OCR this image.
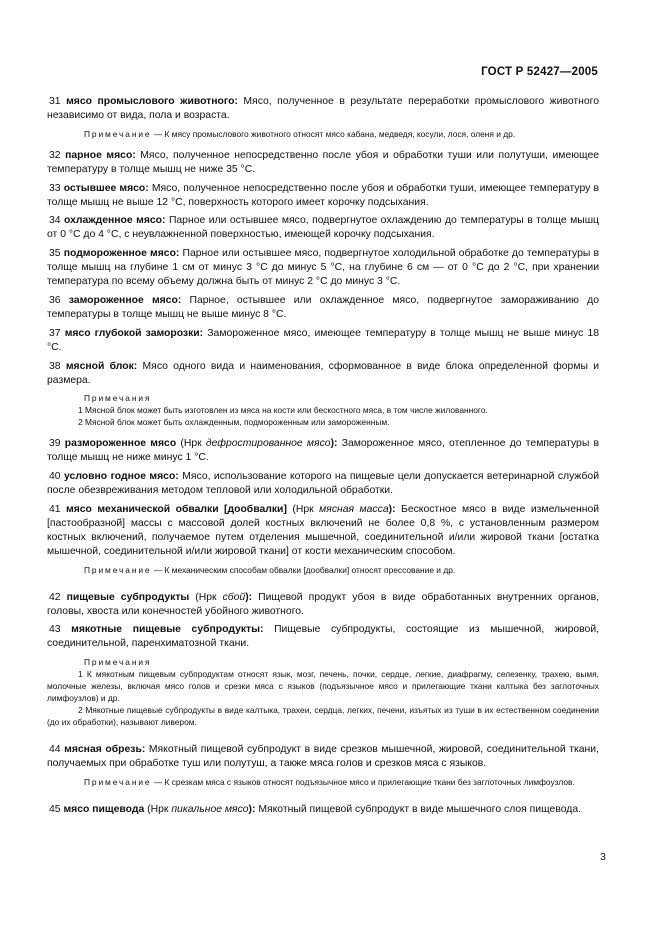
ГОСТ Р 52427—2005

31 мясо промыслового животного: Мясо, полученное в результате переработки промыслового животного независимо от вида, пола и возраста.

Примечание — К мясу промыслового животного относят мясо кабана, медведя, косули, лося, оленя и др.

32 парное мясо: Мясо, полученное непосредственно после убоя и обработки туши или полутуши, имеющее температуру в толще мышц не ниже 35 °С.

33 остывшее мясо: Мясо, полученное непосредственно после убоя и обработки туши, имеющее температуру в толще мышц не выше 12 °С, поверхность которого имеет корочку подсыхания.

34 охлажденное мясо: Парное или остывшее мясо, подвергнутое охлаждению до температуры в толще мышц от 0 °С до 4 °С, с неувлажненной поверхностью, имеющей корочку подсыхания.

35 подмороженное мясо: Парное или остывшее мясо, подвергнутое холодильной обработке до температуры в толще мышц на глубине 1 см от минус 3 °С до минус 5 °С, на глубине 6 см — от 0 °С до 2 °С, при хранении температура по всему объему должна быть от минус 2 °С до минус 3 °С.

36 замороженное мясо: Парное, остывшее или охлажденное мясо, подвергнутое замораживанию до температуры в толще мышц не выше минус 8 °С.

37 мясо глубокой заморозки: Замороженное мясо, имеющее температуру в толще мышц не выше минус 18 °С.

38 мясной блок: Мясо одного вида и наименования, сформованное в виде блока определенной формы и размера.

Примечания

1 Мясной блок может быть изготовлен из мяса на кости или бескостного мяса, в том числе жилованного.

2 Мясной блок может быть охлажденным, подмороженным или замороженным.

39 размороженное мясо (Нрк дефростированное мясо): Замороженное мясо, отепленное до температуры в толще мышц не ниже минус 1 °С.

40 условно годное мясо: Мясо, использование которого на пищевые цели допускается ветеринарной службой после обезвреживания методом тепловой или холодильной обработки.

41 мясо механической обвалки [дообвалки] (Нрк мясная масса): Бескостное мясо в виде измельченной [пастообразной] массы с массовой долей костных включений не более 0,8 %, с установленным размером костных включений, получаемое путем отделения мышечной, соединительной и/или жировой ткани [остатка мышечной, соединительной и/или жировой ткани] от кости механическим способом.

Примечание — К механическим способам обвалки [дообвалки] относят прессование и др.

42 пищевые субпродукты (Нрк сбой): Пищевой продукт убоя в виде обработанных внутренних органов, головы, хвоста или конечностей убойного животного.

43 мякотные пищевые субпродукты: Пищевые субпродукты, состоящие из мышечной, жировой, соединительной, паренхиматозной ткани.

Примечания

1 К мякотным пищевым субпродуктам относят язык, мозг, печень, почки, сердце, легкие, диафрагму, селезенку, трахею, вымя, молочные железы, включая мясо голов и срезки мяса с языков (подъязычное мясо и прилегающие ткани калтыка без заглоточных лимфоузлов) и др.

2 Мякотные пищевые субпродукты в виде калтыка, трахеи, сердца, легких, печени, изъятых из туши в их естественном соединении (до их обработки), называют ливером.

44 мясная обрезь: Мякотный пищевой субпродукт в виде срезков мышечной, жировой, соединительной ткани, получаемых при обработке туш или полутуш, а также мяса голов и срезков мяса с языков.

Примечание — К срезкам мяса с языков относят подъязычное мясо и прилегающие ткани без заглоточных лимфоузлов.

45 мясо пищевода (Нрк пикальное мясо): Мякотный пищевой субпродукт в виде мышечного слоя пищевода.

3
